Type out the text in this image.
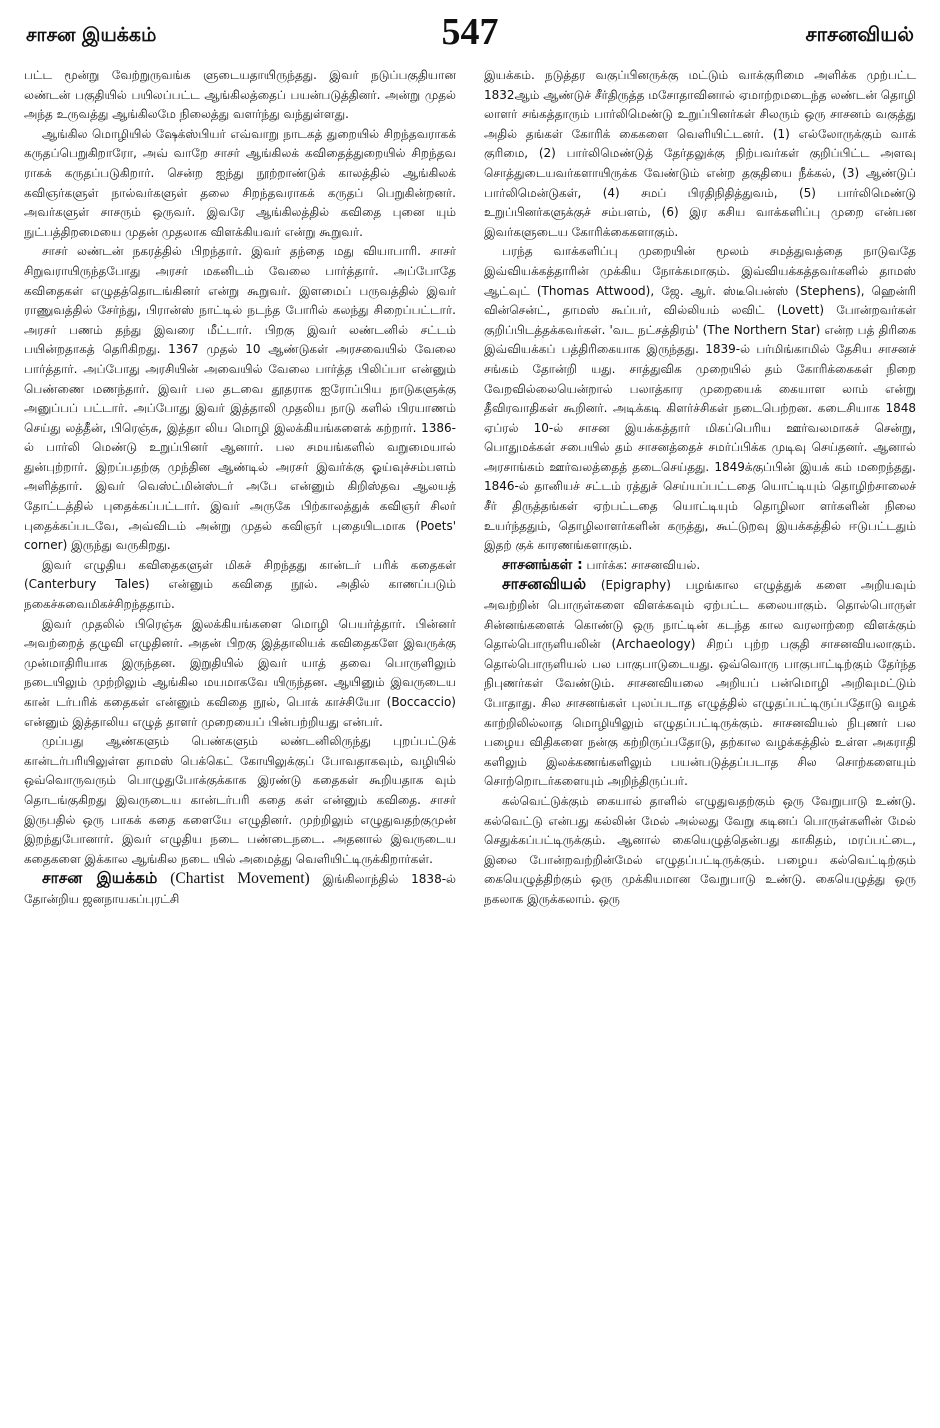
சாசன இயக்கம்	547	சாசனவியல்

பட்ட மூன்று வேற்றுருவங்க ளுடையதாயிருந்தது. இவர் நடுப்பகுதியான லண்டன் பகுதியில் பயிலப்பட்ட ஆங்கிலத்தைப் பயன்படுத்தினர். அன்று முதல் அந்த உருவத்து ஆங்கிலமே நிலைத்து வளர்ந்து வந்துள்ளது.

ஆங்கில மொழியில் ஷேக்ஸ்பியர் எவ்வாறு நாடகத் துறையில் சிறந்தவராகக் கருதப்பெறுகிறாரோ, அவ் வாறே சாசர் ஆங்கிலக் கவிதைத்துறையில் சிறந்தவ ராகக் கருதப்படுகிறார். சென்ற ஐந்து நூற்றாண்டுக் காலத்தில் ஆங்கிலக் கவிஞர்களுள் நால்வர்களுள் தலை சிறந்தவராகக் கருதப் பெறுகின்றனர். அவர்களுள் சாசரும் ஒருவர். இவரே ஆங்கிலத்தில் கவிதை புனை யும் நுட்பத்திறமையை முதன் முதலாக விளக்கியவர் என்று கூறுவர்.

சாசர் லண்டன் நகரத்தில் பிறந்தார். இவர் தந்தை மது வியாபாரி. சாசர் சிறுவராயிருந்தபோது அரசர் மகனிடம் வேலை பார்த்தார். அப்போதே கவிதைகள் எழுதத்தொடங்கினர் என்று கூறுவர். இளமைப் பருவத்தில் இவர் ராணுவத்தில் சேர்ந்து, பிரான்ஸ் நாட்டில் நடந்த போரில் கலந்து சிறைப்பட்டார். அரசர் பணம் தந்து இவரை மீட்டார். பிறகு இவர் லண்டனில் சட்டம் பயின்றதாகத் தெரிகிறது. 1367 முதல் 10 ஆண்டுகள் அரசவையில் வேலை பார்த்தார். அப்போது அரசியின் அவையில் வேலை பார்த்த பிலிப்பா என்னும் பெண்ணை மணந்தார். இவர் பல தடவை தூதராக ஐரோப்பிய நாடுகளுக்கு அனுப்பப் பட்டார். அப்போது இவர் இத்தாலி முதலிய நாடு களில் பிரயாணம் செய்து லத்தீன், பிரெஞ்சு, இத்தா லிய மொழி இலக்கியங்களைக் கற்றார். 1386-ல் பார்லி மெண்டு உறுப்பினர் ஆனார். பல சமயங்களில் வறுமையால் துன்புற்றார். இறப்பதற்கு முந்தின ஆண்டில் அரசர் இவர்க்கு ஓய்வுச்சம்பளம் அளித்தார். இவர் வெஸ்ட்மின்ஸ்டர் அபே என்னும் கிறிஸ்தவ ஆலயத் தோட்டத்தில் புதைக்கப்பட்டார். இவர் அருகே பிற்காலத்துக் கவிஞர் சிலர் புதைக்கப்படவே, அவ்விடம் அன்று முதல் கவிஞர் புதையிடமாக (Poets' corner) இருந்து வருகிறது.

இவர் எழுதிய கவிதைகளுள் மிகச் சிறந்தது கான்டர் பரிக் கதைகள் (Canterbury Tales) என்னும் கவிதை நூல். அதில் காணப்படும் நகைச்சுவைமிகச்சிறந்ததாம்.

இவர் முதலில் பிரெஞ்சு இலக்கியங்களை மொழி பெயர்த்தார். பின்னர் அவற்றைத் தழுவி எழுதினர். அதன் பிறகு இத்தாலியக் கவிதைகளே இவருக்கு முன்மாதிரியாக இருந்தன. இறுதியில் இவர் யாத் தவை பொருளிலும் நடையிலும் முற்றிலும் ஆங்கில மயமாகவே யிருந்தன. ஆயினும் இவருடைய கான் டர்பரிக் கதைகள் என்னும் கவிதை நூல், பொக் காச்சியோ (Boccaccio) என்னும் இத்தாலிய எழுத் தாளர் முறையைப் பின்பற்றியது என்பர்.

முப்பது ஆண்களும் பெண்களும் லண்டனிலிருந்து புறப்பட்டுக் கான்டர்பரியிலுள்ள தாமஸ் பெக்கெட் கோயிலுக்குப் போவதாகவும், வழியில் ஒவ்வொருவரும் பொழுதுபோக்குக்காக இரண்டு கதைகள் கூறியதாக வும் தொடங்குகிறது இவருடைய கான்டர்பரி கதை கள் என்னும் கவிதை. சாசர் இருபதில் ஒரு பாகக் கதை களையே எழுதினர். முற்றிலும் எழுதுவதற்குமுன் இறந்துபோனார். இவர் எழுதிய நடை பண்டைநடை. அதனால் இவருடைய கதைகளை இக்கால ஆங்கில நடை யில் அமைத்து வெளியிட்டிருக்கிறார்கள்.

சாசன இயக்கம் (Chartist Movement) இங்கிலாந்தில் 1838-ல் தோன்றிய ஜனநாயகப்புரட்சி

இயக்கம். நடுத்தர வகுப்பினருக்கு மட்டும் வாக்குரிமை அளிக்க முற்பட்ட 1832ஆம் ஆண்டுச் சீர்திருத்த மசோதாவினால் ஏமாற்றமடைந்த லண்டன் தொழி லாளர் சங்கத்தாரும் பார்லிமெண்டு உறுப்பினர்கள் சிலரும் ஒரு சாசனம் வகுத்து அதில் தங்கள் கோரிக் கைகளை வெளியிட்டனர். (1) எல்லோருக்கும் வாக் குரிமை, (2) பார்லிமெண்டுத் தேர்தலுக்கு நிற்பவர்கள் குறிப்பிட்ட அளவு சொத்துடையவர்களாயிருக்க வேண்டும் என்ற தகுதியை நீக்கல், (3) ஆண்டுப் பார்லிமென்டுகள், (4) சமப் பிரதிநிதித்துவம், (5) பார்லிமெண்டு உறுப்பினர்களுக்குச் சம்பளம், (6) இர கசிய வாக்களிப்பு முறை என்பன இவர்களுடைய கோரிக்கைகளாகும்.

பரந்த வாக்களிப்பு முறையின் மூலம் சமத்துவத்தை நாடுவதே இவ்வியக்கத்தாரின் முக்கிய நோக்கமாகும். இவ்வியக்கத்தவர்களில் தாமஸ் ஆட்வுட் (Thomas Attwood), ஜே. ஆர். ஸ்டீபென்ஸ் (Stephens), ஹென்ரி வின்சென்ட், தாமஸ் கூப்பர், வில்லியம் லவிட் (Lovett) போன்றவர்கள் குறிப்பிடத்தக்கவர்கள். 'வட நட்சத்திரம்' (The Northern Star) என்ற பத் திரிகை இவ்வியக்கப் பத்திரிகையாக இருந்தது. 1839-ல் பர்மிங்காமில் தேசிய சாசனச் சங்கம் தோன்றி யது. சாத்துவிக முறையில் தம் கோரிக்கைகள் நிறை வேறவில்லையென்றால் பலாத்கார முறையைக் கையாள லாம் என்று தீவிரவாதிகள் கூறினர். அடிக்கடி கிளர்ச்சிகள் நடைபெற்றன. கடைசியாக 1848 ஏப்ரல் 10-ல் சாசன இயக்கத்தார் மிகப்பெரிய ஊர்வலமாகச் சென்று, பொதுமக்கள் சபையில் தம் சாசனத்தைச் சமர்ப்பிக்க முடிவு செய்தனர். ஆனால் அரசாங்கம் ஊர்வலத்தைத் தடைசெய்தது. 1849க்குப்பின் இயக் கம் மறைந்தது. 1846-ல் தானியச் சட்டம் ரத்துச் செய்யப்பட்டதை யொட்டியும் தொழிற்சாலைச் சீர் திருத்தங்கள் ஏற்பட்டதை யொட்டியும் தொழிலா ளர்களின் நிலை உயர்ந்ததும், தொழிலாளர்களின் கருத்து, கூட்டுறவு இயக்கத்தில் ஈடுபட்டதும் இதற் குக் காரணங்களாகும்.

சாசனங்கள் : பார்க்க: சாசனவியல்.

சாசனவியல் (Epigraphy) பழங்கால எழுத்துக் களை அறியவும் அவற்றின் பொருள்களை விளக்கவும் ஏற்பட்ட கலையாகும். தொல்பொருள் சின்னங்களைக் கொண்டு ஒரு நாட்டின் கடந்த கால வரலாற்றை விளக்கும் தொல்பொருளியலின் (Archaeology) சிறப் புற்ற பகுதி சாசனவியலாகும். தொல்பொருளியல் பல பாகுபாடுடையது. ஒவ்வொரு பாகுபாட்டிற்கும் தேர்ந்த நிபுணர்கள் வேண்டும். சாசனவியலை அறியப் பன்மொழி அறிவுமட்டும் போதாது. சில சாசனங்கள் புலப்படாத எழுத்தில் எழுதப்பட்டிருப்பதோடு வழக் காற்றிலில்லாத மொழியிலும் எழுதப்பட்டிருக்கும். சாசனவியல் நிபுணர் பல பழைய விதிகளை நன்கு கற்றிருப்பதோடு, தற்கால வழக்கத்தில் உள்ள அகராதி களிலும் இலக்கணங்களிலும் பயன்படுத்தப்படாத சில சொற்களையும் சொற்றொடர்களையும் அறிந்திருப்பர்.

கல்வெட்டுக்கும் கையால் தாளில் எழுதுவதற்கும் ஒரு வேறுபாடு உண்டு. கல்வெட்டு என்பது கல்லின் மேல் அல்லது வேறு கடினப் பொருள்களின் மேல் செதுக்கப்பட்டிருக்கும். ஆனால் கையெழுத்தென்பது காகிதம், மரப்பட்டை, இலை போன்றவற்றின்மேல் எழுதப்பட்டிருக்கும். பழைய கல்வெட்டிற்கும் கையெழுத்திற்கும் ஒரு முக்கியமான வேறுபாடு உண்டு. கையெழுத்து ஒரு நகலாக இருக்கலாம். ஒரு
